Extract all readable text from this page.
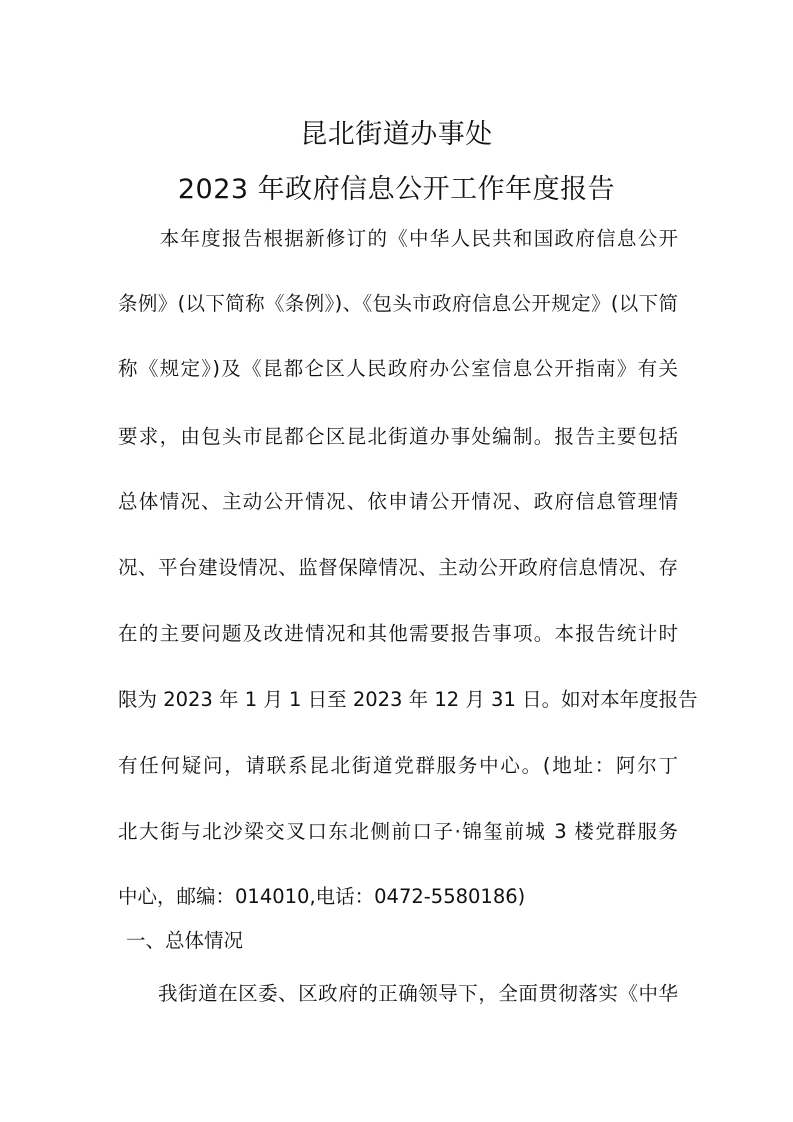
昆北街道办事处
2023 年政府信息公开工作年度报告
　　本年度报告根据新修订的《中华人民共和国政府信息公开
条例》(以下简称《条例》)、《包头市政府信息公开规定》(以下简
称《规定》)及《昆都仑区人民政府办公室信息公开指南》有关
要求，由包头市昆都仑区昆北街道办事处编制。报告主要包括
总体情况、主动公开情况、依申请公开情况、政府信息管理情
况、平台建设情况、监督保障情况、主动公开政府信息情况、存
在的主要问题及改进情况和其他需要报告事项。本报告统计时
限为 2023 年 1 月 1 日至 2023 年 12 月 31 日。如对本年度报告
有任何疑问，请联系昆北街道党群服务中心。(地址：阿尔丁
北大街与北沙梁交叉口东北侧前口子·锦玺前城 3 楼党群服务
中心，邮编：014010,电话：0472-5580186)
一、总体情况
　　我街道在区委、区政府的正确领导下，全面贯彻落实《中华
